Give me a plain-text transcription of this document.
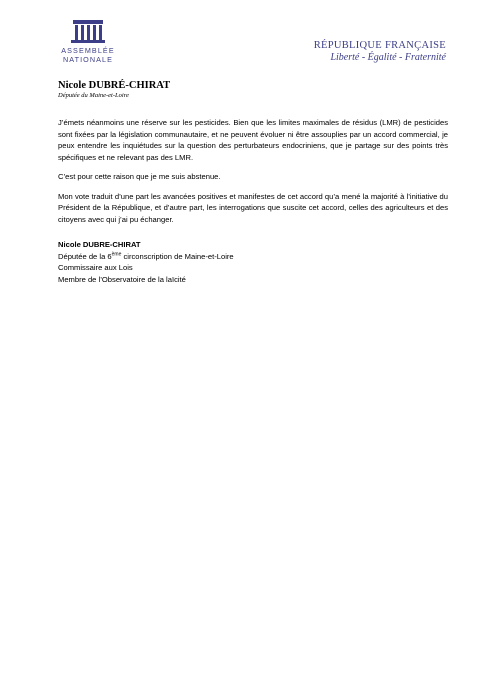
ASSEMBLÉE
NATIONALE
RÉPUBLIQUE FRANÇAISE
Liberté - Égalité - Fraternité
Nicole DUBRÉ-CHIRAT
Députée du Maine-et-Loire

J’émets néanmoins une réserve sur les pesticides. Bien que les limites maximales de résidus (LMR) de pesticides sont fixées par la législation communautaire, et ne peuvent évoluer ni être assouplies par un accord commercial, je peux entendre les inquiétudes sur la question des perturbateurs endocriniens, que je partage sur des points très spécifiques et ne relevant pas des LMR.

C’est pour cette raison que je me suis abstenue.

Mon vote traduit d’une part les avancées positives et manifestes de cet accord qu’a mené la majorité à l’initiative du Président de la République, et d’autre part, les interrogations que suscite cet accord, celles des agriculteurs et des citoyens avec qui j’ai pu échanger.

Nicole DUBRE-CHIRAT
Députée de la 6ème circonscription de Maine-et-Loire
Commissaire aux Lois
Membre de l’Observatoire de la laïcité
